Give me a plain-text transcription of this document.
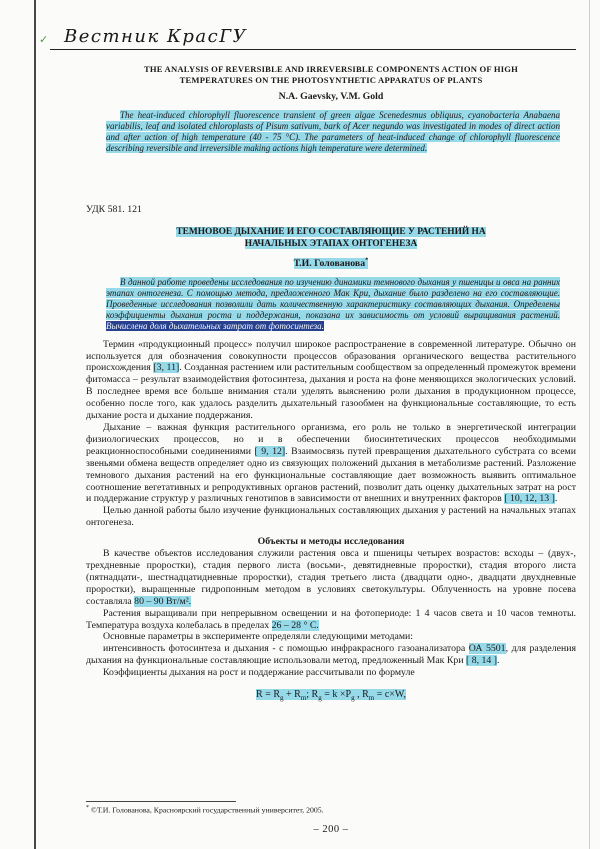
✓ Вестник КрасГУ
THE ANALYSIS OF REVERSIBLE AND IRREVERSIBLE COMPONENTS ACTION OF HIGH TEMPERATURES ON THE PHOTOSYNTHETIC APPARATUS OF PLANTS
N.A. Gaevsky, V.M. Gold

The heat-induced chlorophyll fluorescence transient of green algae Scenedesmus obliquus, cyanobacteria Anabaena variabilis, leaf and isolated chloroplasts of Pisum sativum, bark of Acer negundo was investigated in modes of direct action and after action of high temperature (40 - 75 °C). The parameters of heat-induced change of chlorophyll fluorescence describing reversible and irreversible making actions high temperature were determined.

УДК 581. 121
ТЕМНОВОЕ ДЫХАНИЕ И ЕГО СОСТАВЛЯЮЩИЕ У РАСТЕНИЙ НА НАЧАЛЬНЫХ ЭТАПАХ ОНТОГЕНЕЗА
Т.И. Голованова*

В данной работе проведены исследования по изучению динамики темнового дыхания у пшеницы и овса на ранних этапах онтогенеза. С помощью метода, предложенного Мак Кри, дыхание было разделено на его составляющие. Проведенные исследования позволили дать количественную характеристику составляющих дыхания. Определены коэффициенты дыхания роста и поддержания, показана их зависимость от условий выращивания растений. Вычислена доля дыхательных затрат от фотосинтеза.

Термин «продукционный процесс» получил широкое распространение в современной литературе. Обычно он используется для обозначения совокупности процессов образования органического вещества растительного происхождения [3, 11]. Созданная растением или растительным сообществом за определенный промежуток времени фитомасса – результат взаимодействия фотосинтеза, дыхания и роста на фоне меняющихся экологических условий. В последнее время все больше внимания стали уделять выяснению роли дыхания в продукционном процессе, особенно после того, как удалось разделить дыхательный газообмен на функциональные составляющие, то есть дыхание роста и дыхание поддержания.

Дыхание – важная функция растительного организма, его роль не только в энергетической интеграции физиологических процессов, но и в обеспечении биосинтетических процессов необходимыми реакционноспособными соединениями [ 9, 12]. Взаимосвязь путей превращения дыхательного субстрата со всеми звеньями обмена веществ определяет одно из связующих положений дыхания в метаболизме растений. Разложение темнового дыхания растений на его функциональные составляющие дает возможность выявить оптимальное соотношение вегетативных и репродуктивных органов растений, позволит дать оценку дыхательных затрат на рост и поддержание структур у различных генотипов в зависимости от внешних и внутренних факторов [ 10, 12, 13 ].

Целью данной работы было изучение функциональных составляющих дыхания у растений на начальных этапах онтогенеза.

Объекты и методы исследования

В качестве объектов исследования служили растения овса и пшеницы четырех возрастов: всходы – (двух-, трехдневные проростки), стадия первого листа (восьми-, девятидневные проростки), стадия второго листа (пятнадцати-, шестнадцатидневные проростки), стадия третьего листа (двадцати одно-, двадцати двухдневные проростки), выращенные гидропонным методом в условиях светокультуры. Облученность на уровне посева составляла 80 – 90 Вт/м².

Растения выращивали при непрерывном освещении и на фотопериоде: 1 4 часов света и 10 часов темноты. Температура воздуха колебалась в пределах 26 – 28 ° С.

Основные параметры в эксперименте определяли следующими методами:

интенсивность фотосинтеза и дыхания - с помощью инфракрасного газоанализатора ОА 5501, для разделения дыхания на функциональные составляющие использовали метод, предложенный Мак Кри [ 8, 14 ].

Коэффициенты дыхания на рост и поддержание рассчитывали по формуле

$R = R_g + R_m$; $R_g = k \times P_g$ , $R_m = c\times W$,
* ©Т.И. Голованова, Красноярский государственный университет, 2005.
– 200 –
